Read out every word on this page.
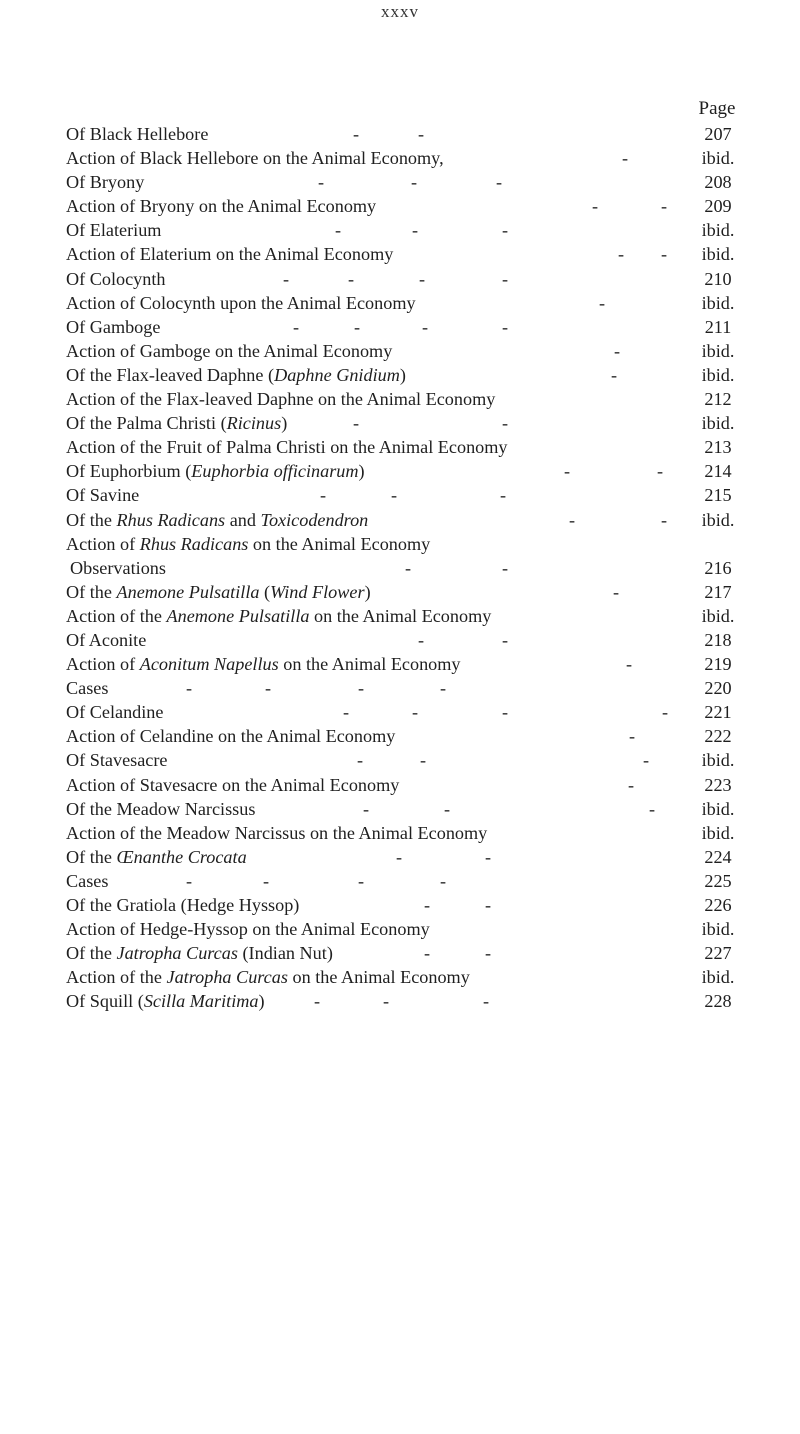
xxxv
Page
-	-
Of Black Hellebore	207
-
Action of Black Hellebore on the Animal Economy,	ibid.
-	-	-
Of Bryony	208
-	-
Action of Bryony on the Animal Economy	209
-	-	-
Of Elaterium	ibid.
- -
Action of Elaterium on the Animal Economy	ibid.
-	-	-	-
Of Colocynth	210
-
Action of Colocynth upon the Animal Economy	ibid.
-	-	-	-
Of Gamboge	211
-
Action of Gamboge on the Animal Economy	ibid.
-
Of the Flax-leaved Daphne (Daphne Gnidium)	ibid.
Action of the Flax-leaved Daphne on the Animal Economy	212
-	-
Of the Palma Christi (Ricinus)	ibid.
Action of the Fruit of Palma Christi on the Animal Economy	213
-	-
Of Euphorbium (Euphorbia officinarum)	214
-	-	-
Of Savine	215
-	-
Of the Rhus Radicans and Toxicodendron	ibid.
Action of Rhus Radicans on the Animal Economy
-	-
Observations	216
-
Of the Anemone Pulsatilla (Wind Flower)	217
Action of the Anemone Pulsatilla on the Animal Economy	ibid.
-	-
Of Aconite	218
-
Action of Aconitum Napellus on the Animal Economy	219
-	-	-	-
Cases	220
-	-	-	-
Of Celandine	221
-
Action of Celandine on the Animal Economy	222
-	-	-
Of Stavesacre	ibid.
-
Action of Stavesacre on the Animal Economy	223
-	-	-
Of the Meadow Narcissus	ibid.
Action of the Meadow Narcissus on the Animal Economy	ibid.
-	-
Of the Œnanthe Crocata	224
-	-	-	-
Cases	225
-	-
Of the Gratiola (Hedge Hyssop)	226
Action of Hedge-Hyssop on the Animal Economy	ibid.
-	-
Of the Jatropha Curcas (Indian Nut)	227
Action of the Jatropha Curcas on the Animal Economy	ibid.
-	-	-
Of Squill (Scilla Maritima)	228
